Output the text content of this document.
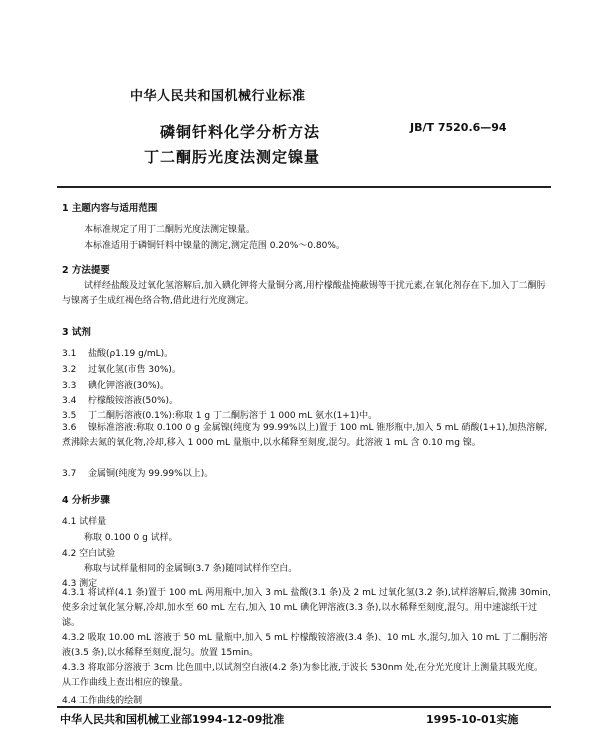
中华人民共和国机械行业标准
磷铜钎料化学分析方法
丁二酮肟光度法测定镍量
JB/T 7520.6—94
1 主题内容与适用范围
本标准规定了用丁二酮肟光度法测定镍量。
本标准适用于磷铜钎料中镍量的测定,测定范围 0.20%～0.80%。
2 方法提要
试样经盐酸及过氧化氢溶解后,加入碘化钾将大量铜分离,用柠檬酸盐掩蔽锡等干扰元素,在氧化剂存在下,加入丁二酮肟与镍离子生成红褐色络合物,借此进行光度测定。
3 试剂
3.1 盐酸(ρ1.19 g/mL)。
3.2 过氧化氢(市售 30%)。
3.3 碘化钾溶液(30%)。
3.4 柠檬酸铵溶液(50%)。
3.5 丁二酮肟溶液(0.1%):称取 1 g 丁二酮肟溶于 1 000 mL 氨水(1+1)中。
3.6 镍标准溶液:称取 0.100 0 g 金属镍(纯度为 99.99%以上)置于 100 mL 锥形瓶中,加入 5 mL 硝酸(1+1),加热溶解,煮沸除去氮的氧化物,冷却,移入 1 000 mL 量瓶中,以水稀释至刻度,混匀。此溶液 1 mL 含 0.10 mg 镍。
3.7 金属铜(纯度为 99.99%以上)。
4 分析步骤
4.1 试样量
称取 0.100 0 g 试样。
4.2 空白试验
称取与试样量相同的金属铜(3.7 条)随同试样作空白。
4.3 测定
4.3.1 将试样(4.1 条)置于 100 mL 两用瓶中,加入 3 mL 盐酸(3.1 条)及 2 mL 过氧化氢(3.2 条),试样溶解后,微沸 30min,使多余过氧化氢分解,冷却,加水至 60 mL 左右,加入 10 mL 碘化钾溶液(3.3 条),以水稀释至刻度,混匀。用中速滤纸干过滤。
4.3.2 吸取 10.00 mL 溶液于 50 mL 量瓶中,加入 5 mL 柠檬酸铵溶液(3.4 条)、10 mL 水,混匀,加入 10 mL 丁二酮肟溶液(3.5 条),以水稀释至刻度,混匀。放置 15min。
4.3.3 将取部分溶液于 3cm 比色皿中,以试剂空白液(4.2 条)为参比液,于波长 530nm 处,在分光光度计上测量其吸光度。从工作曲线上查出相应的镍量。
4.4 工作曲线的绘制
中华人民共和国机械工业部1994-12-09批准	1995-10-01实施
